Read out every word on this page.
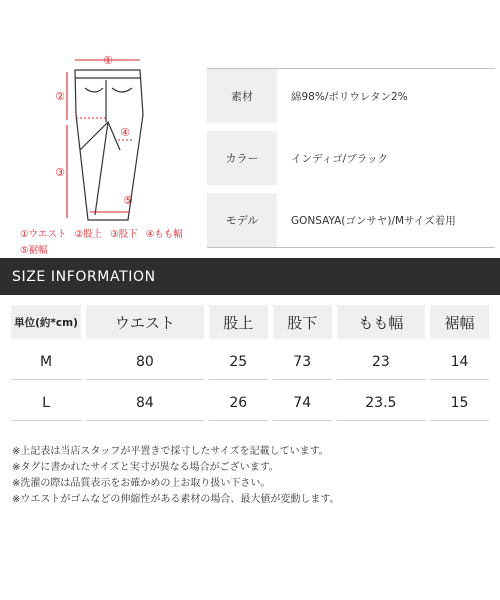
①
②
③
④
⑤
①ウエスト ②股上 ③股下 ④もも幅
⑤裾幅
素材	綿98%/ポリウレタン2%
カラー	インディゴ/ブラック
モデル	GONSAYA(ゴンサヤ)/Mサイズ着用
SIZE INFORMATION
単位(約*cm)	ウエスト	股上	股下	もも幅	裾幅
M	80	25	73	23	14
L	84	26	74	23.5	15
※上記表は当店スタッフが平置きで採寸したサイズを記載しています。
※タグに書かれたサイズと実寸が異なる場合がございます。
※洗濯の際は品質表示をお確かめの上お取り扱い下さい。
※ウエストがゴムなどの伸縮性がある素材の場合、最大値が変動します。
